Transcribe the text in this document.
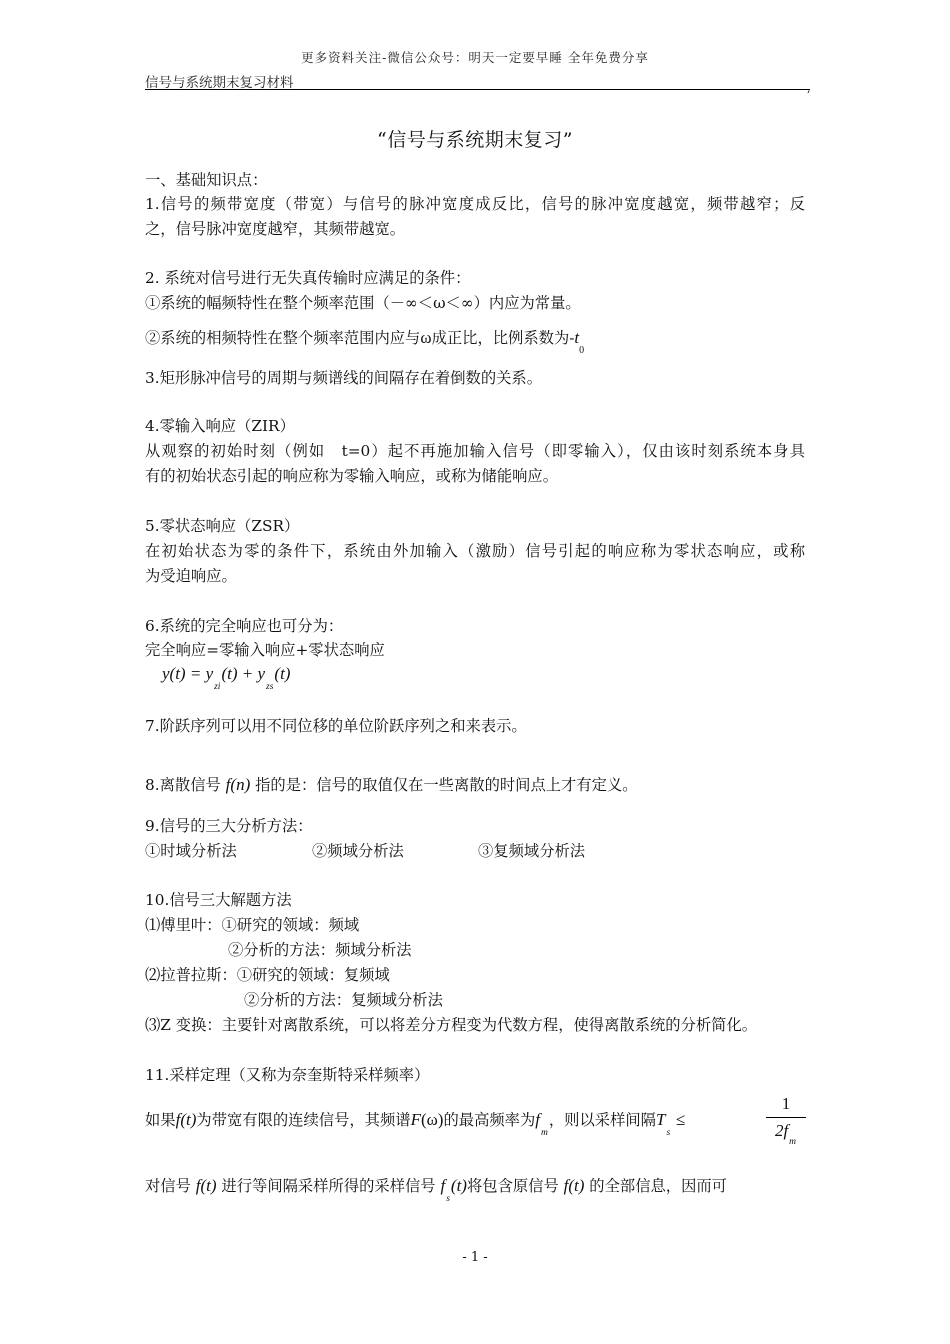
更多资料关注-微信公众号：明天一定要早睡 全年免费分享
信号与系统期末复习材料	,
“信号与系统期末复习”
一、基础知识点：
1.信号的频带宽度（带宽）与信号的脉冲宽度成反比，信号的脉冲宽度越宽，频带越窄；反
之，信号脉冲宽度越窄，其频带越宽。
2. 系统对信号进行无失真传输时应满足的条件：
①系统的幅频特性在整个频率范围（－∞＜ω＜∞）内应为常量。
②系统的相频特性在整个频率范围内应与ω成正比，比例系数为$-t_0$
3.矩形脉冲信号的周期与频谱线的间隔存在着倒数的关系。
4.零输入响应（ZIR）
从观察的初始时刻（例如　t=0）起不再施加输入信号（即零输入），仅由该时刻系统本身具
有的初始状态引起的响应称为零输入响应，或称为储能响应。
5.零状态响应（ZSR）
在初始状态为零的条件下，系统由外加输入（激励）信号引起的响应称为零状态响应，或称
为受迫响应。
6.系统的完全响应也可分为：
完全响应=零输入响应+零状态响应
$y(t) = y_{zi}(t) + y_{zs}(t)$
7.阶跃序列可以用不同位移的单位阶跃序列之和来表示。
8.离散信号 f(n) 指的是：信号的取值仅在一些离散的时间点上才有定义。
9.信号的三大分析方法：
①时域分析法	②频域分析法	③复频域分析法
10.信号三大解题方法
⑴傅里叶：①研究的领域：频域
②分析的方法：频域分析法
⑵拉普拉斯：①研究的领域：复频域
②分析的方法：复频域分析法
⑶Z 变换：主要针对离散系统，可以将差分方程变为代数方程，使得离散系统的分析简化。
11.采样定理（又称为奈奎斯特采样频率）
如果f(t)为带宽有限的连续信号，其频谱F(ω)的最高频率为$f_m$，则以采样间隔$T_s$ ≤
1
$2f_m$
对信号 f(t) 进行等间隔采样所得的采样信号 $f_s(t)$将包含原信号 f(t) 的全部信息，因而可
- 1 -
